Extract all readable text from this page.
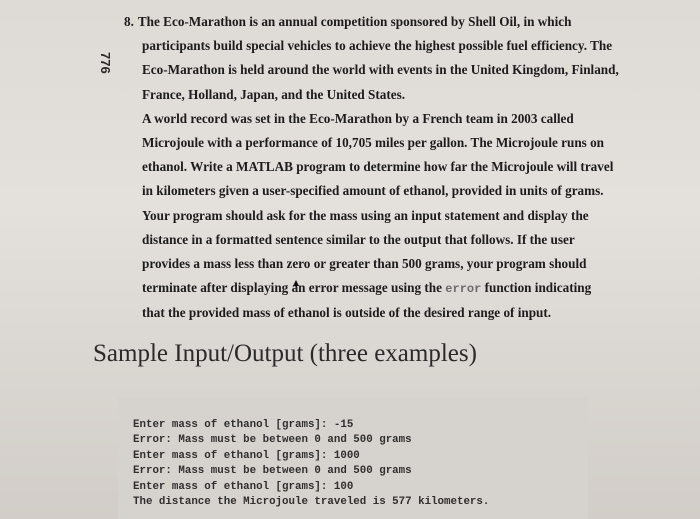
776
8. The Eco-Marathon is an annual competition sponsored by Shell Oil, in which
participants build special vehicles to achieve the highest possible fuel efficiency. The
Eco-Marathon is held around the world with events in the United Kingdom, Finland,
France, Holland, Japan, and the United States.
A world record was set in the Eco-Marathon by a French team in 2003 called
Microjoule with a performance of 10,705 miles per gallon. The Microjoule runs on
ethanol. Write a MATLAB program to determine how far the Microjoule will travel
in kilometers given a user-specified amount of ethanol, provided in units of grams.
Your program should ask for the mass using an input statement and display the
distance in a formatted sentence similar to the output that follows. If the user
provides a mass less than zero or greater than 500 grams, your program should
terminate after displaying an error message using the error function indicating
that the provided mass of ethanol is outside of the desired range of input.
Sample Input/Output (three examples)
Enter mass of ethanol [grams]: -15
Error: Mass must be between 0 and 500 grams
Enter mass of ethanol [grams]: 1000
Error: Mass must be between 0 and 500 grams
Enter mass of ethanol [grams]: 100
The distance the Microjoule traveled is 577 kilometers.
